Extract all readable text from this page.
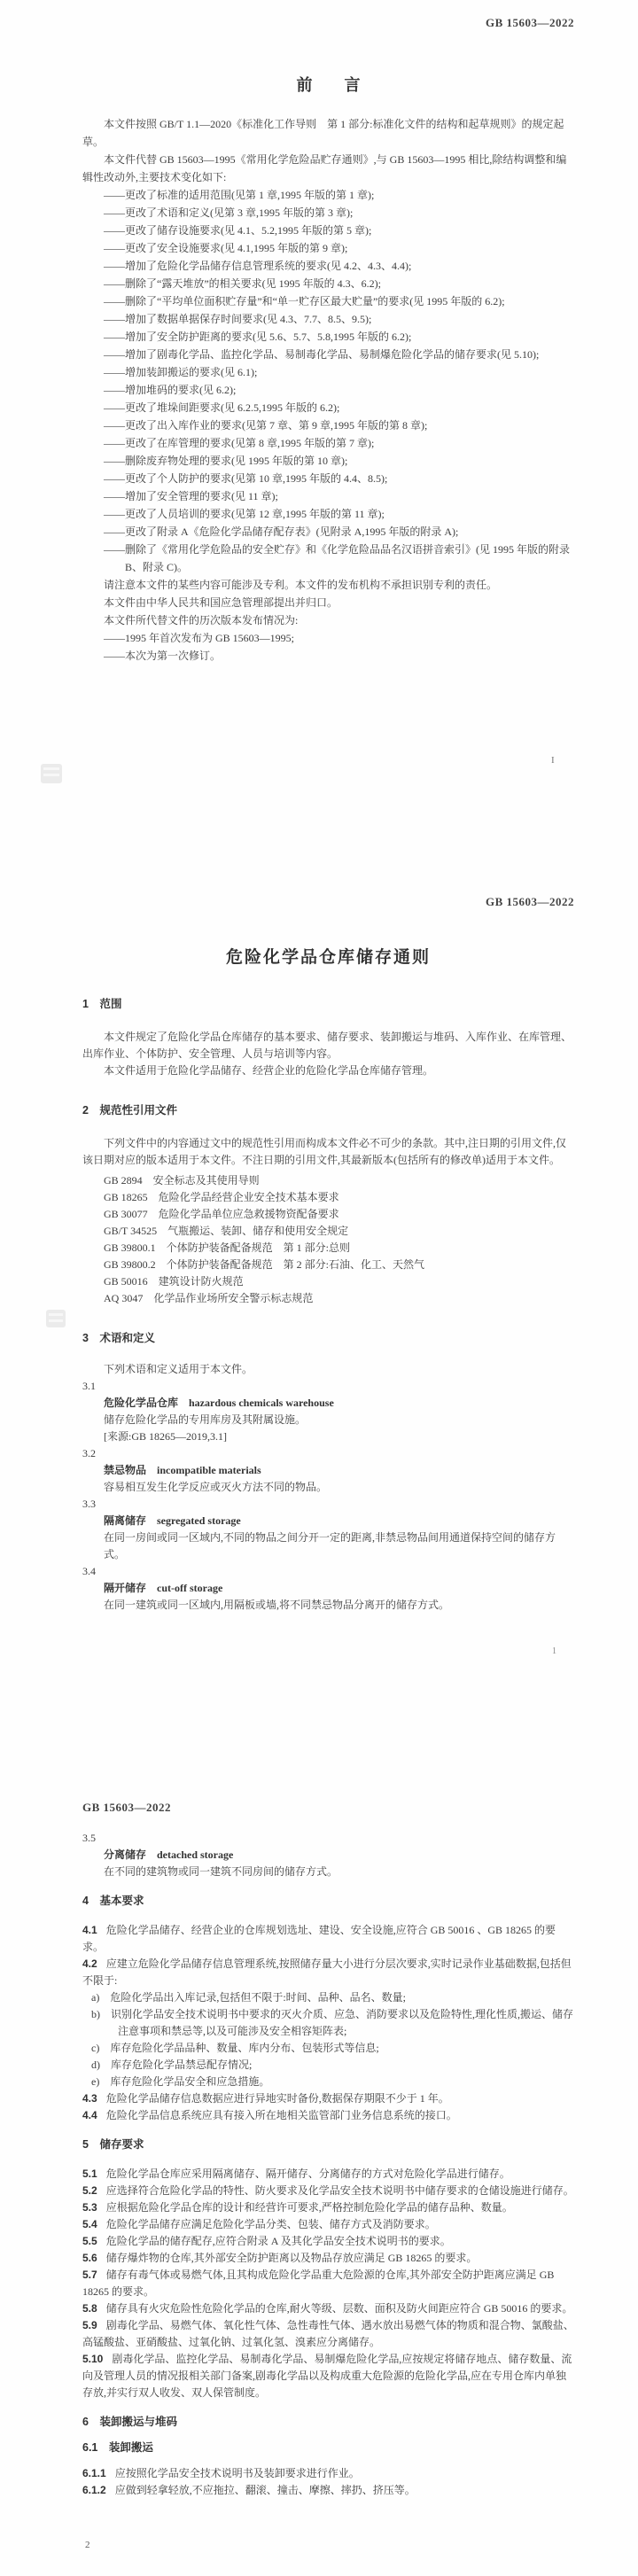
GB 15603—2022

前　　言

本文件按照 GB/T 1.1—2020《标准化工作导则　第 1 部分:标准化文件的结构和起草规则》的规定起草。

本文件代替 GB 15603—1995《常用化学危险品贮存通则》,与 GB 15603—1995 相比,除结构调整和编辑性改动外,主要技术变化如下:

——更改了标准的适用范围(见第 1 章,1995 年版的第 1 章);

——更改了术语和定义(见第 3 章,1995 年版的第 3 章);

——更改了储存设施要求(见 4.1、5.2,1995 年版的第 5 章);

——更改了安全设施要求(见 4.1,1995 年版的第 9 章);

——增加了危险化学品储存信息管理系统的要求(见 4.2、4.3、4.4);

——删除了“露天堆放”的相关要求(见 1995 年版的 4.3、6.2);

——删除了“平均单位面积贮存量”和“单一贮存区最大贮量”的要求(见 1995 年版的 6.2);

——增加了数据单据保存时间要求(见 4.3、7.7、8.5、9.5);

——增加了安全防护距离的要求(见 5.6、5.7、5.8,1995 年版的 6.2);

——增加了剧毒化学品、监控化学品、易制毒化学品、易制爆危险化学品的储存要求(见 5.10);

——增加装卸搬运的要求(见 6.1);

——增加堆码的要求(见 6.2);

——更改了堆垛间距要求(见 6.2.5,1995 年版的 6.2);

——更改了出入库作业的要求(见第 7 章、第 9 章,1995 年版的第 8 章);

——更改了在库管理的要求(见第 8 章,1995 年版的第 7 章);

——删除废弃物处理的要求(见 1995 年版的第 10 章);

——更改了个人防护的要求(见第 10 章,1995 年版的 4.4、8.5);

——增加了安全管理的要求(见 11 章);

——更改了人员培训的要求(见第 12 章,1995 年版的第 11 章);

——更改了附录 A《危险化学品储存配存表》(见附录 A,1995 年版的附录 A);

——删除了《常用化学危险品的安全贮存》和《化学危险品品名汉语拼音索引》(见 1995 年版的附录 B、附录 C)。

请注意本文件的某些内容可能涉及专利。本文件的发布机构不承担识别专利的责任。

本文件由中华人民共和国应急管理部提出并归口。

本文件所代替文件的历次版本发布情况为:

——1995 年首次发布为 GB 15603—1995;

——本次为第一次修订。

GB 15603—2022

危险化学品仓库储存通则

1　范围

本文件规定了危险化学品仓库储存的基本要求、储存要求、装卸搬运与堆码、入库作业、在库管理、出库作业、个体防护、安全管理、人员与培训等内容。

本文件适用于危险化学品储存、经营企业的危险化学品仓库储存管理。

2　规范性引用文件

下列文件中的内容通过文中的规范性引用而构成本文件必不可少的条款。其中,注日期的引用文件,仅该日期对应的版本适用于本文件。不注日期的引用文件,其最新版本(包括所有的修改单)适用于本文件。

GB 2894　安全标志及其使用导则

GB 18265　危险化学品经营企业安全技术基本要求

GB 30077　危险化学品单位应急救援物资配备要求

GB/T 34525　气瓶搬运、装卸、储存和使用安全规定

GB 39800.1　个体防护装备配备规范　第 1 部分:总则

GB 39800.2　个体防护装备配备规范　第 2 部分:石油、化工、天然气

GB 50016　建筑设计防火规范

AQ 3047　化学品作业场所安全警示标志规范

3　术语和定义

下列术语和定义适用于本文件。

3.1

危险化学品仓库　hazardous chemicals warehouse

储存危险化学品的专用库房及其附属设施。

[来源:GB 18265—2019,3.1]

3.2

禁忌物品　incompatible materials

容易相互发生化学反应或灭火方法不同的物品。

3.3

隔离储存　segregated storage

在同一房间或同一区域内,不同的物品之间分开一定的距离,非禁忌物品间用通道保持空间的储存方式。

3.4

隔开储存　cut-off storage

在同一建筑或同一区域内,用隔板或墙,将不同禁忌物品分离开的储存方式。

GB 15603—2022

3.5

分离储存　detached storage

在不同的建筑物或同一建筑不同房间的储存方式。

4　基本要求

4.1 危险化学品储存、经营企业的仓库规划选址、建设、安全设施,应符合 GB 50016 、GB 18265 的要求。

4.2 应建立危险化学品储存信息管理系统,按照储存量大小进行分层次要求,实时记录作业基础数据,包括但不限于:

a) 危险化学品出入库记录,包括但不限于:时间、品种、品名、数量;

b) 识别化学品安全技术说明书中要求的灭火介质、应急、消防要求以及危险特性,理化性质,搬运、储存注意事项和禁忌等,以及可能涉及安全相容矩阵表;

c) 库存危险化学品品种、数量、库内分布、包装形式等信息;

d) 库存危险化学品禁忌配存情况;

e) 库存危险化学品安全和应急措施。

4.3 危险化学品储存信息数据应进行异地实时备份,数据保存期限不少于 1 年。

4.4 危险化学品信息系统应具有接入所在地相关监管部门业务信息系统的接口。

5　储存要求

5.1 危险化学品仓库应采用隔离储存、隔开储存、分离储存的方式对危险化学品进行储存。

5.2 应选择符合危险化学品的特性、防火要求及化学品安全技术说明书中储存要求的仓储设施进行储存。

5.3 应根据危险化学品仓库的设计和经营许可要求,严格控制危险化学品的储存品种、数量。

5.4 危险化学品储存应满足危险化学品分类、包装、储存方式及消防要求。

5.5 危险化学品的储存配存,应符合附录 A 及其化学品安全技术说明书的要求。

5.6 储存爆炸物的仓库,其外部安全防护距离以及物品存放应满足 GB 18265 的要求。

5.7 储存有毒气体或易燃气体,且其构成危险化学品重大危险源的仓库,其外部安全防护距离应满足 GB 18265 的要求。

5.8 储存具有火灾危险性危险化学品的仓库,耐火等级、层数、面积及防火间距应符合 GB 50016 的要求。

5.9 剧毒化学品、易燃气体、氧化性气体、急性毒性气体、遇水放出易燃气体的物质和混合物、氯酸盐、高锰酸盐、亚硝酸盐、过氧化钠、过氧化氢、溴素应分离储存。

5.10 剧毒化学品、监控化学品、易制毒化学品、易制爆危险化学品,应按规定将储存地点、储存数量、流向及管理人员的情况报相关部门备案,剧毒化学品以及构成重大危险源的危险化学品,应在专用仓库内单独存放,并实行双人收发、双人保管制度。

6　装卸搬运与堆码

6.1　装卸搬运

6.1.1 应按照化学品安全技术说明书及装卸要求进行作业。

6.1.2 应做到轻拿轻放,不应拖拉、翻滚、撞击、摩擦、摔扔、挤压等。

I
1
2
